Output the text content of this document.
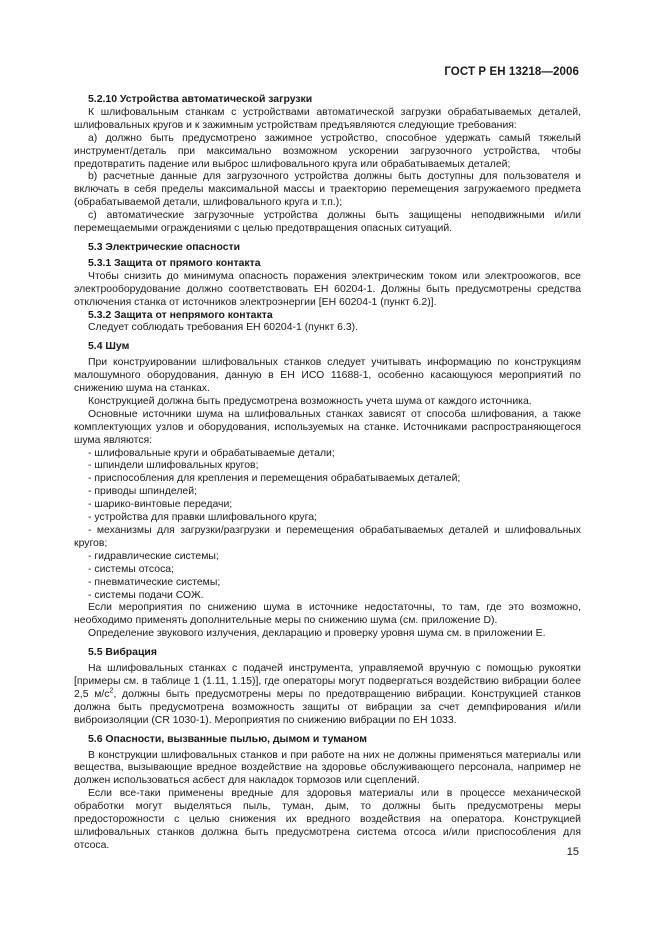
ГОСТ Р ЕН 13218—2006

5.2.10 Устройства автоматической загрузки

К шлифовальным станкам с устройствами автоматической загрузки обрабатываемых деталей, шлифовальных кругов и к зажимным устройствам предъявляются следующие требования:

a) должно быть предусмотрено зажимное устройство, способное удержать самый тяжелый инструмент/деталь при максимально возможном ускорении загрузочного устройства, чтобы предотвратить падение или выброс шлифовального круга или обрабатываемых деталей;

b) расчетные данные для загрузочного устройства должны быть доступны для пользователя и включать в себя пределы максимальной массы и траекторию перемещения загружаемого предмета (обрабатываемой детали, шлифовального круга и т.п.);

c) автоматические загрузочные устройства должны быть защищены неподвижными и/или перемещаемыми ограждениями с целью предотвращения опасных ситуаций.

5.3 Электрические опасности

5.3.1 Защита от прямого контакта

Чтобы снизить до минимума опасность поражения электрическим током или электроожогов, все электрооборудование должно соответствовать ЕН 60204-1. Должны быть предусмотрены средства отключения станка от источников электроэнергии [ЕН 60204-1 (пункт 6.2)].

5.3.2 Защита от непрямого контакта

Следует соблюдать требования ЕН 60204-1 (пункт 6.3).

5.4 Шум

При конструировании шлифовальных станков следует учитывать информацию по конструкциям малошумного оборудования, данную в ЕН ИСО 11688-1, особенно касающуюся мероприятий по снижению шума на станках.

Конструкцией должна быть предусмотрена возможность учета шума от каждого источника.

Основные источники шума на шлифовальных станках зависят от способа шлифования, а также комплектующих узлов и оборудования, используемых на станке. Источниками распространяющегося шума являются:

- шлифовальные круги и обрабатываемые детали;

- шпиндели шлифовальных кругов;

- приспособления для крепления и перемещения обрабатываемых деталей;

- приводы шпинделей;

- шарико-винтовые передачи;

- устройства для правки шлифовального круга;

- механизмы для загрузки/разгрузки и перемещения обрабатываемых деталей и шлифовальных кругов;

- гидравлические системы;

- системы отсоса;

- пневматические системы;

- системы подачи СОЖ.

Если мероприятия по снижению шума в источнике недостаточны, то там, где это возможно, необходимо применять дополнительные меры по снижению шума (см. приложение D).

Определение звукового излучения, декларацию и проверку уровня шума см. в приложении Е.

5.5 Вибрация

На шлифовальных станках с подачей инструмента, управляемой вручную с помощью рукоятки [примеры см. в таблице 1 (1.11, 1.15)], где операторы могут подвергаться воздействию вибрации более 2,5 $м/с^2$, должны быть предусмотрены меры по предотвращению вибрации. Конструкцией станков должна быть предусмотрена возможность защиты от вибрации за счет демпфирования и/или виброизоляции (CR 1030-1). Мероприятия по снижению вибрации по ЕН 1033.

5.6 Опасности, вызванные пылью, дымом и туманом

В конструкции шлифовальных станков и при работе на них не должны применяться материалы или вещества, вызывающие вредное воздействие на здоровье обслуживающего персонала, например не должен использоваться асбест для накладок тормозов или сцеплений.

Если все-таки применены вредные для здоровья материалы или в процессе механической обработки могут выделяться пыль, туман, дым, то должны быть предусмотрены меры предосторожности с целью снижения их вредного воздействия на оператора. Конструкцией шлифовальных станков должна быть предусмотрена система отсоса и/или приспособления для отсоса.

15
